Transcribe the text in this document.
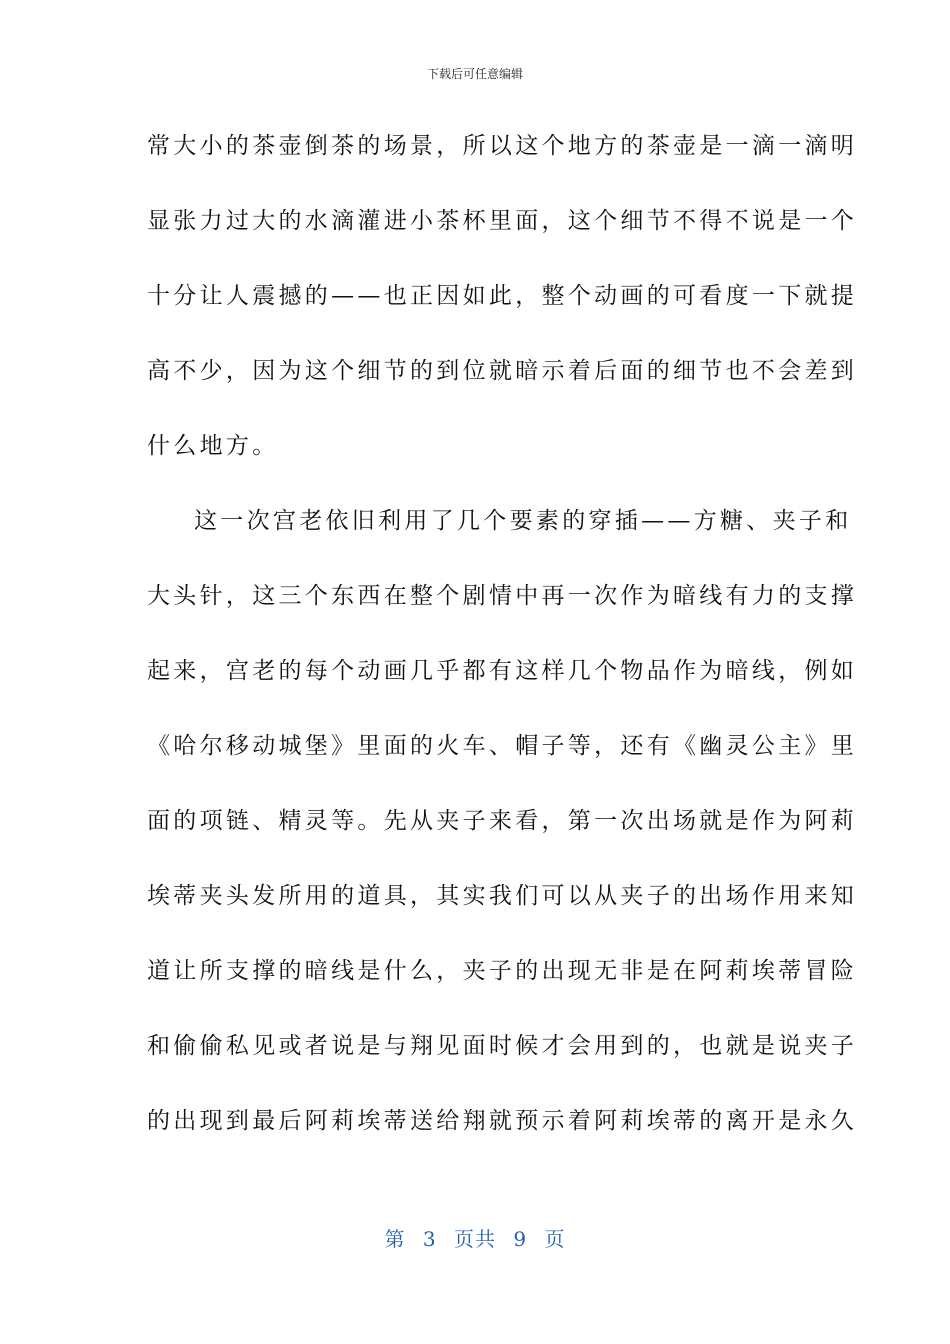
下载后可任意编辑
常大小的茶壶倒茶的场景，所以这个地方的茶壶是一滴一滴明
显张力过大的水滴灌进小茶杯里面，这个细节不得不说是一个
十分让人震撼的——也正因如此，整个动画的可看度一下就提
高不少，因为这个细节的到位就暗示着后面的细节也不会差到
什么地方。
这一次宫老依旧利用了几个要素的穿插——方糖、夹子和
大头针，这三个东西在整个剧情中再一次作为暗线有力的支撑
起来，宫老的每个动画几乎都有这样几个物品作为暗线，例如
《哈尔移动城堡》里面的火车、帽子等，还有《幽灵公主》里
面的项链、精灵等。先从夹子来看，第一次出场就是作为阿莉
埃蒂夹头发所用的道具，其实我们可以从夹子的出场作用来知
道让所支撑的暗线是什么，夹子的出现无非是在阿莉埃蒂冒险
和偷偷私见或者说是与翔见面时候才会用到的，也就是说夹子
的出现到最后阿莉埃蒂送给翔就预示着阿莉埃蒂的离开是永久
第 3 页共 9 页
